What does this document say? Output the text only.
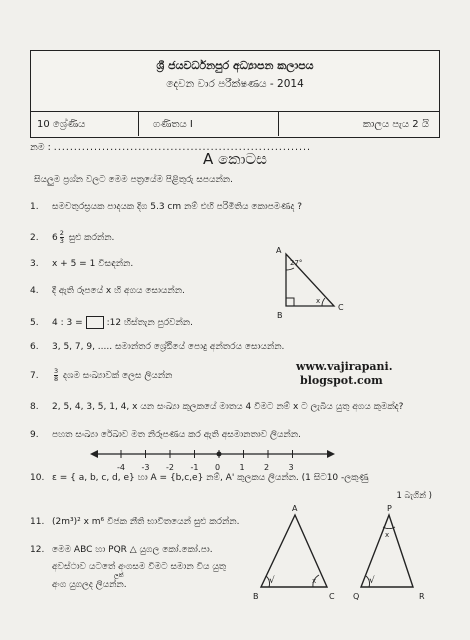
ශ්‍රී ජයවර්ධනපුර අධ්‍යාපන කලාපය
දෙවන වාර පරීක්ෂණය - 2014
10 ශ්‍රේණිය	ගණිතය I	කාලය පැය 2 යි
නම : ................................................................
A කොටස
සියලුම ප්‍රශ්න වලට මෙම පත්‍රයේම පිළිතුරු සපයන්න.
1. සමචතුරස්‍රයක පාදයක දිග 5.3 cm නම් එහි පරිමිතිය කොපමණද ?
2. $6 \frac{2}{3}$ සුළු කරන්න.
3. x + 5 = 1 විසඳන්න.
4. දී ඇති රූපයේ x හි අගය සොයන්න.
5. 4 : 3 =	:12 හිස්තැන පුරවන්න.
6. 3, 5, 7, 9, ..... සමාන්තර ශ්‍රේඪියේ පොදු අන්තරය සොයන්න.
7. $\frac{3}{8}$ දශම සංඛ්‍යාවක් ලෙස ලියන්න
www.vajirapani.
blogspot.com
8. 2, 5, 4, 3, 5, 1, 4, x යන සංඛ්‍යා කුලකයේ මාතය 4 විමට නම් x ට ලැබිය යුතු අගය කුමක්ද?
9. පහත සංඛ්‍යා රේඛාව මත නිරූපණය කර ඇති අසමානතාව ලියන්න.
10. ε = { a, b, c, d, e} හා A = {b,c,e} නම්, A' කුලකය ලියන්න. (1 සිට10 -ලකුණු
1 බැගින් )
11. (2m³)² x m⁶ වීජක නීති භාවිතයෙන් සුළු කරන්න.
12. මෙම ABC හා PQR △ යුගල කෝ.කෝ.පා.
අවස්ථාව යටතේ අංගසම විමට සමාන විය යුතු
ලක්
අංග යුගලද ලියන්න.
A
B
C
27°
x
-4 -3 -2 -1 0 1 2 3
A
B	C
√	x
P
Q	R
x
√
